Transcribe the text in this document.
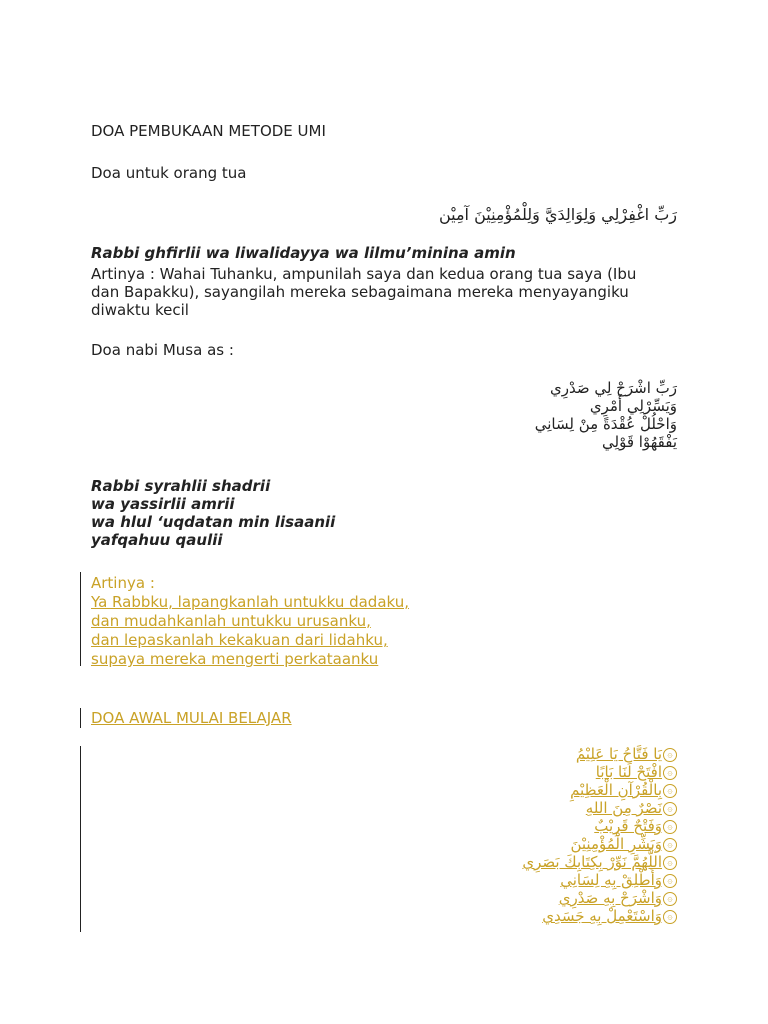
DOA PEMBUKAAN METODE UMI
Doa untuk orang tua
رَبِّ اغْفِرْلِي وَلِوَالِدَيَّ وَلِلْمُؤْمِنِيْنَ آمِيْن
Rabbi ghfirlii wa liwalidayya wa lilmu’minina amin
Artinya : Wahai Tuhanku, ampunilah saya dan kedua orang tua saya (Ibu
dan Bapakku), sayangilah mereka sebagaimana mereka menyayangiku
diwaktu kecil
Doa nabi Musa as :
رَبِّ اشْرَحْ لِي صَدْرِي
وَيَسِّرْلِي أَمْرِي
وَاحْلُلْ عُقْدَةً مِنْ لِسَانِي
يَفْقَهُوْا قَوْلِي
Rabbi syrahlii shadrii
wa yassirlii amrii
wa hlul ‘uqdatan min lisaanii
yafqahuu qaulii
Artinya :
Ya Rabbku, lapangkanlah untukku dadaku,
dan mudahkanlah untukku urusanku,
dan lepaskanlah kekakuan dari lidahku,
supaya mereka mengerti perkataanku
DOA AWAL MULAI BELAJAR
۞يَا فَتَّاحُ يَا عَلِيْمُ
۞افْتَحْ لَنَا بَابًا
۞بِالْقُرْآنِ الْعَظِيْمِ
۞نَصْرٌ مِنَ اللهِ
۞وَفَتْحٌ قَرِيْبٌ
۞وَبَشِّرِ الْمُؤْمِنِيْنَ
۞اللَّهُمَّ نَوِّرْ بِكِتَابِكَ بَصَرِي
۞وَأَطْلِقْ بِهِ لِسَانِي
۞وَاشْرَحْ بِهِ صَدْرِي
۞وَاسْتَعْمِلْ بِهِ جَسَدِي
